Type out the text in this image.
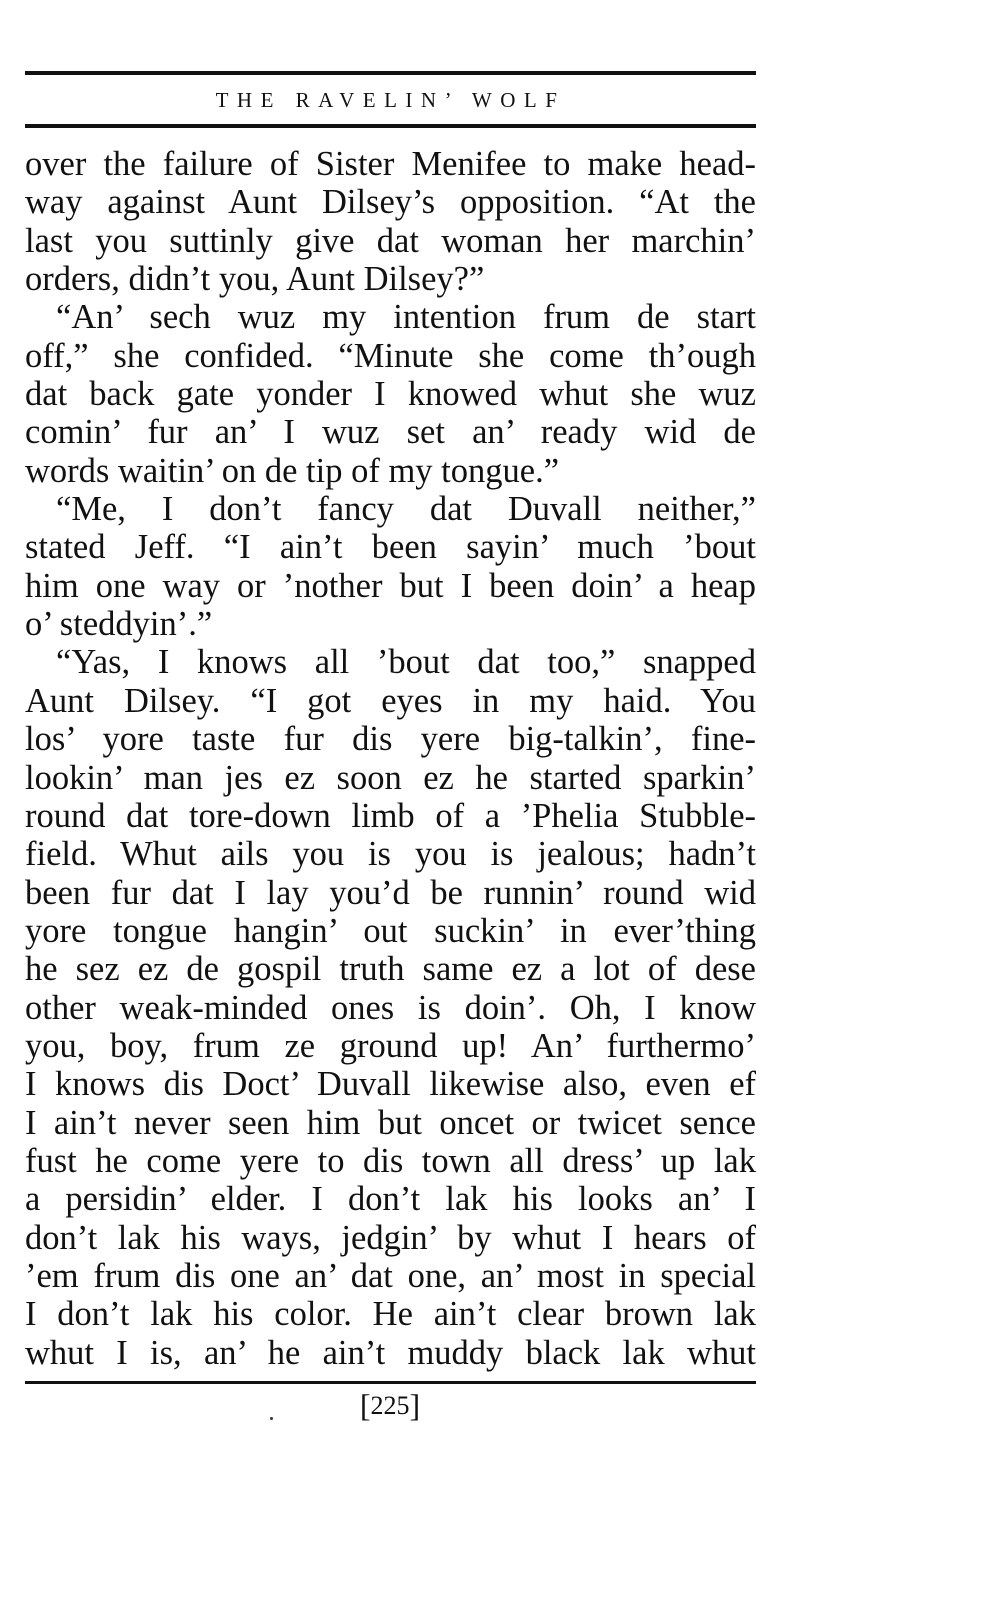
THE RAVELIN’ WOLF
over the failure of Sister Menifee to make head-
way against Aunt Dilsey’s opposition. “At the
last you suttinly give dat woman her marchin’
orders, didn’t you, Aunt Dilsey?”
“An’ sech wuz my intention frum de start
off,” she confided. “Minute she come th’ough
dat back gate yonder I knowed whut she wuz
comin’ fur an’ I wuz set an’ ready wid de
words waitin’ on de tip of my tongue.”
“Me, I don’t fancy dat Duvall neither,”
stated Jeff. “I ain’t been sayin’ much ’bout
him one way or ’nother but I been doin’ a heap
o’ steddyin’.”
“Yas, I knows all ’bout dat too,” snapped
Aunt Dilsey. “I got eyes in my haid. You
los’ yore taste fur dis yere big-talkin’, fine-
lookin’ man jes ez soon ez he started sparkin’
round dat tore-down limb of a ’Phelia Stubble-
field. Whut ails you is you is jealous; hadn’t
been fur dat I lay you’d be runnin’ round wid
yore tongue hangin’ out suckin’ in ever’thing
he sez ez de gospil truth same ez a lot of dese
other weak-minded ones is doin’. Oh, I know
you, boy, frum ze ground up! An’ furthermo’
I knows dis Doct’ Duvall likewise also, even ef
I ain’t never seen him but oncet or twicet sence
fust he come yere to dis town all dress’ up lak
a persidin’ elder. I don’t lak his looks an’ I
don’t lak his ways, jedgin’ by whut I hears of
’em frum dis one an’ dat one, an’ most in special
I don’t lak his color. He ain’t clear brown lak
whut I is, an’ he ain’t muddy black lak whut
[225]
